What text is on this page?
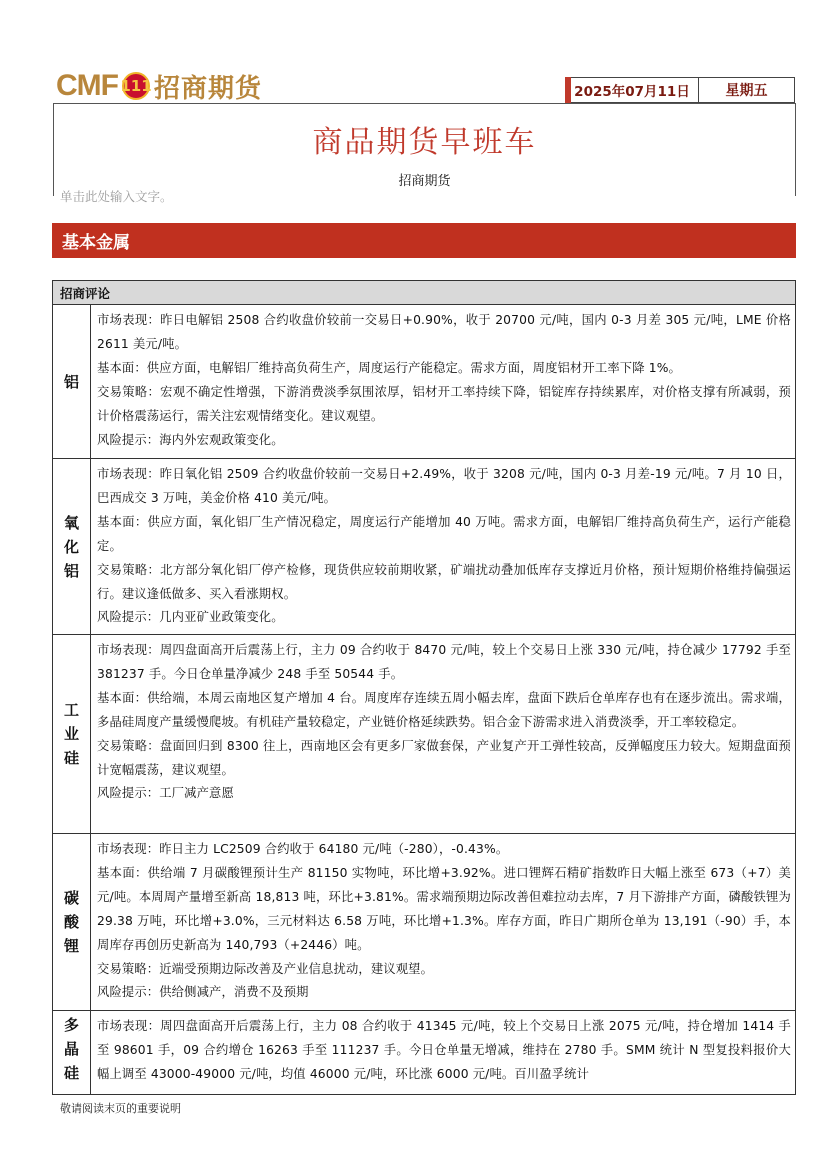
CMF 111 招商期货	2025年07月11日	星期五
商品期货早班车
招商期货
单击此处输入文字。
基本金属
招商评论
铝

市场表现：昨日电解铝 2508 合约收盘价较前一交易日+0.90%，收于 20700 元/吨，国内 0-3 月差 305 元/吨，LME 价格 2611 美元/吨。

基本面：供应方面，电解铝厂维持高负荷生产，周度运行产能稳定。需求方面，周度铝材开工率下降 1%。

交易策略：宏观不确定性增强，下游消费淡季氛围浓厚，铝材开工率持续下降，铝锭库存持续累库，对价格支撑有所减弱，预计价格震荡运行，需关注宏观情绪变化。建议观望。

风险提示：海内外宏观政策变化。

氧
化
铝

市场表现：昨日氧化铝 2509 合约收盘价较前一交易日+2.49%，收于 3208 元/吨，国内 0-3 月差-19 元/吨。7 月 10 日，巴西成交 3 万吨，美金价格 410 美元/吨。

基本面：供应方面，氧化铝厂生产情况稳定，周度运行产能增加 40 万吨。需求方面，电解铝厂维持高负荷生产，运行产能稳定。

交易策略：北方部分氧化铝厂停产检修，现货供应较前期收紧，矿端扰动叠加低库存支撑近月价格，预计短期价格维持偏强运行。建议逢低做多、买入看涨期权。

风险提示：几内亚矿业政策变化。

工
业
硅

市场表现：周四盘面高开后震荡上行，主力 09 合约收于 8470 元/吨，较上个交易日上涨 330 元/吨，持仓减少 17792 手至 381237 手。今日仓单量净减少 248 手至 50544 手。

基本面：供给端，本周云南地区复产增加 4 台。周度库存连续五周小幅去库，盘面下跌后仓单库存也有在逐步流出。需求端，多晶硅周度产量缓慢爬坡。有机硅产量较稳定，产业链价格延续跌势。铝合金下游需求进入消费淡季，开工率较稳定。

交易策略：盘面回归到 8300 往上，西南地区会有更多厂家做套保，产业复产开工弹性较高，反弹幅度压力较大。短期盘面预计宽幅震荡，建议观望。

风险提示：工厂减产意愿

碳
酸
锂

市场表现：昨日主力 LC2509 合约收于 64180 元/吨（-280），-0.43%。

基本面：供给端 7 月碳酸锂预计生产 81150 实物吨，环比增+3.92%。进口锂辉石精矿指数昨日大幅上涨至 673（+7）美元/吨。本周周产量增至新高 18,813 吨，环比+3.81%。需求端预期边际改善但难拉动去库，7 月下游排产方面，磷酸铁锂为 29.38 万吨，环比增+3.0%，三元材料达 6.58 万吨，环比增+1.3%。库存方面，昨日广期所仓单为 13,191（-90）手，本周库存再创历史新高为 140,793（+2446）吨。

交易策略：近端受预期边际改善及产业信息扰动，建议观望。

风险提示：供给侧减产，消费不及预期

多
晶
硅

市场表现：周四盘面高开后震荡上行，主力 08 合约收于 41345 元/吨，较上个交易日上涨 2075 元/吨，持仓增加 1414 手至 98601 手，09 合约增仓 16263 手至 111237 手。今日仓单量无增减，维持在 2780 手。SMM 统计 N 型复投料报价大幅上调至 43000-49000 元/吨，均值 46000 元/吨，环比涨 6000 元/吨。百川盈孚统计

敬请阅读末页的重要说明
